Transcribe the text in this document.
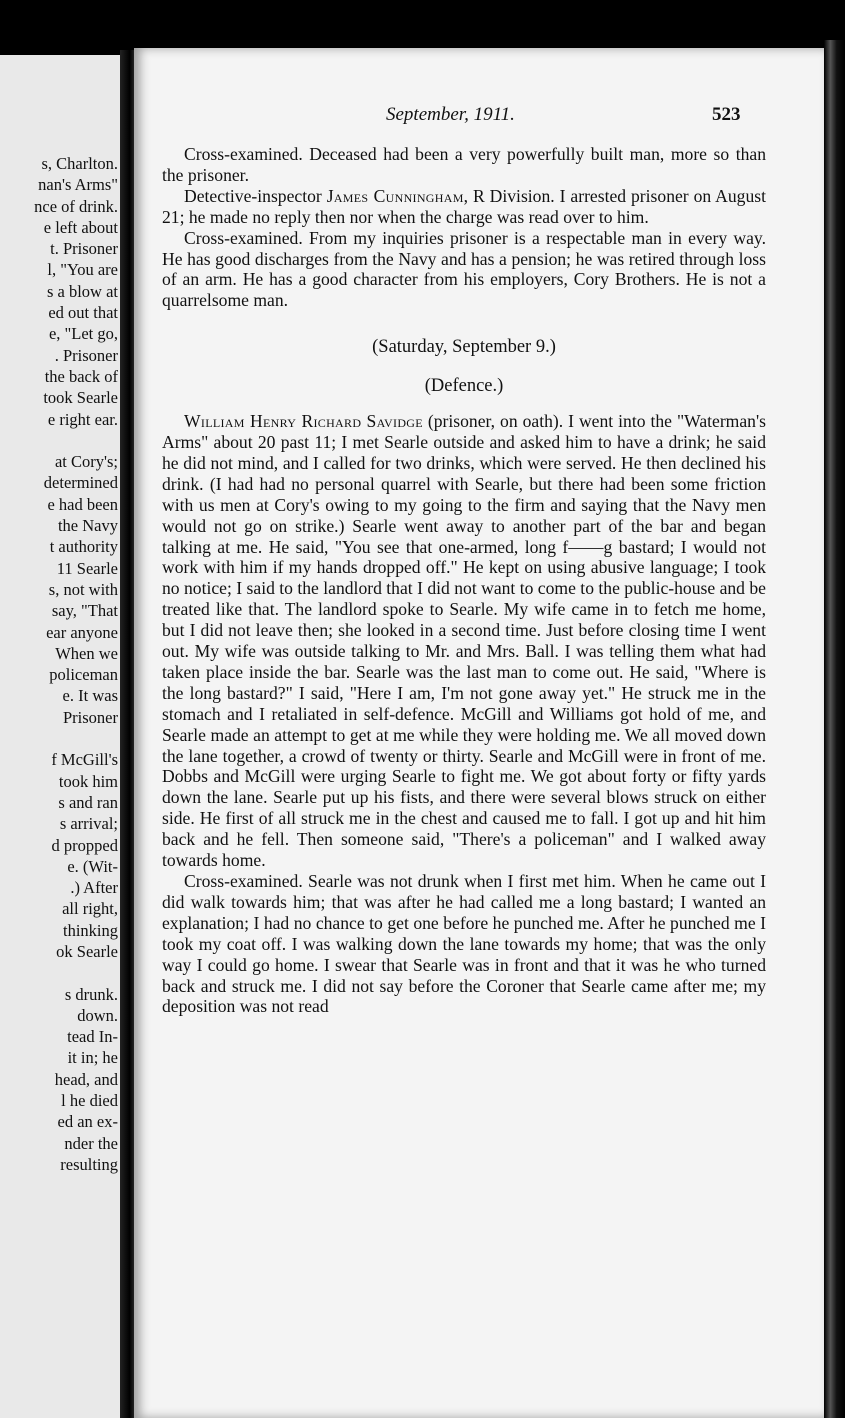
s, Charlton.
nan's Arms"
nce of drink.
e left about
t. Prisoner
l, "You are
s a blow at
ed out that
e, "Let go,
. Prisoner
the back of
took Searle
e right ear.
at Cory's;
determined
e had been
the Navy
t authority
11 Searle
s, not with
say, "That
ear anyone
When we
policeman
e. It was
Prisoner
f McGill's
took him
s and ran
s arrival;
d propped
e. (Wit-
.) After
all right,
thinking
ok Searle
s drunk.
down.
tead In-
it in; he
head, and
l he died
ed an ex-
nder the
resulting
September, 1911.	523

Cross-examined. Deceased had been a very powerfully built man, more so than the prisoner.

Detective-inspector James Cunningham, R Division. I arrested prisoner on August 21; he made no reply then nor when the charge was read over to him.

Cross-examined. From my inquiries prisoner is a respectable man in every way. He has good discharges from the Navy and has a pension; he was retired through loss of an arm. He has a good character from his employers, Cory Brothers. He is not a quarrelsome man.

(Saturday, September 9.)

(Defence.)

William Henry Richard Savidge (prisoner, on oath). I went into the "Waterman's Arms" about 20 past 11; I met Searle outside and asked him to have a drink; he said he did not mind, and I called for two drinks, which were served. He then declined his drink. (I had had no personal quarrel with Searle, but there had been some friction with us men at Cory's owing to my going to the firm and saying that the Navy men would not go on strike.) Searle went away to another part of the bar and began talking at me. He said, "You see that one-armed, long f——g bastard; I would not work with him if my hands dropped off." He kept on using abusive language; I took no notice; I said to the landlord that I did not want to come to the public-house and be treated like that. The landlord spoke to Searle. My wife came in to fetch me home, but I did not leave then; she looked in a second time. Just before closing time I went out. My wife was outside talking to Mr. and Mrs. Ball. I was telling them what had taken place inside the bar. Searle was the last man to come out. He said, "Where is the long bastard?" I said, "Here I am, I'm not gone away yet." He struck me in the stomach and I retaliated in self-defence. McGill and Williams got hold of me, and Searle made an attempt to get at me while they were holding me. We all moved down the lane together, a crowd of twenty or thirty. Searle and McGill were in front of me. Dobbs and McGill were urging Searle to fight me. We got about forty or fifty yards down the lane. Searle put up his fists, and there were several blows struck on either side. He first of all struck me in the chest and caused me to fall. I got up and hit him back and he fell. Then someone said, "There's a policeman" and I walked away towards home.

Cross-examined. Searle was not drunk when I first met him. When he came out I did walk towards him; that was after he had called me a long bastard; I wanted an explanation; I had no chance to get one before he punched me. After he punched me I took my coat off. I was walking down the lane towards my home; that was the only way I could go home. I swear that Searle was in front and that it was he who turned back and struck me. I did not say before the Coroner that Searle came after me; my deposition was not read
